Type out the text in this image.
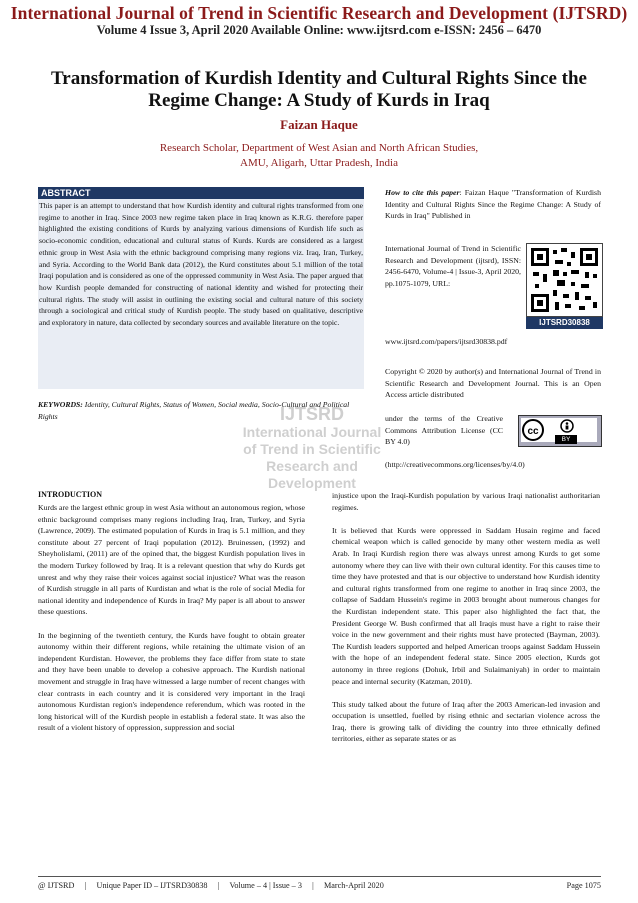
International Journal of Trend in Scientific Research and Development (IJTSRD)
Volume 4 Issue 3, April 2020 Available Online: www.ijtsrd.com e-ISSN: 2456 – 6470
Transformation of Kurdish Identity and Cultural Rights Since the Regime Change: A Study of Kurds in Iraq
Faizan Haque
Research Scholar, Department of West Asian and North African Studies,
AMU, Aligarh, Uttar Pradesh, India
ABSTRACT
This paper is an attempt to understand that how Kurdish identity and cultural rights transformed from one regime to another in Iraq. Since 2003 new regime taken place in Iraq known as K.R.G. therefore paper highlighted the existing conditions of Kurds by analyzing various dimensions of Kurdish life such as socio-economic condition, educational and cultural status of Kurds. Kurds are considered as a largest ethnic group in West Asia with the ethnic background comprising many regions viz. Iraq, Iran, Turkey, and Syria. According to the World Bank data (2012), the Kurd constitutes about 5.1 million of the total Iraqi population and is considered as one of the oppressed community in West Asia. The paper argued that how Kurdish people demanded for constructing of national identity and wished for protecting their cultural rights. The study will assist in outlining the existing social and cultural nature of this society through a sociological and critical study of Kurdish people. The study based on qualitative, descriptive and exploratory in nature, data collected by secondary sources and available literature on the topic.
KEYWORDS: Identity, Cultural Rights, Status of Women, Social media, Socio-Cultural and Political Rights
How to cite this paper: Faizan Haque "Transformation of Kurdish Identity and Cultural Rights Since the Regime Change: A Study of Kurds in Iraq" Published in
International Journal of Trend in Scientific Research and Development (ijtsrd), ISSN: 2456-6470, Volume-4 | Issue-3, April 2020, pp.1075-1079, URL:
www.ijtsrd.com/papers/ijtsrd30838.pdf
IJTSRD30838
Copyright © 2020 by author(s) and International Journal of Trend in Scientific Research and Development Journal. This is an Open Access article distributed
under the terms of the Creative Commons Attribution License (CC BY 4.0)
(http://creativecommons.org/licenses/by/4.0)
cc
BY
IJTSRD
International Journal
of Trend in Scientific
Research and
Development
INTRODUCTION

Kurds are the largest ethnic group in west Asia without an autonomous region, whose ethnic background comprises many regions including Iraq, Iran, Turkey, and Syria (Lawrence, 2009). The estimated population of Kurds in Iraq is 5.1 million, and they constitute about 27 percent of Iraqi population (2012). Bruinessen, (1992) and Sheyholislami, (2011) are of the opined that, the biggest Kurdish population lives in the modern Turkey followed by Iraq. It is a relevant question that why do Kurds get unrest and why they raise their voices against social injustice? What was the reason of Kurdish struggle in all parts of Kurdistan and what is the role of social Media for national identity and independence of Kurds in Iraq? My paper is all about to answer these questions.

In the beginning of the twentieth century, the Kurds have fought to obtain greater autonomy within their different regions, while retaining the ultimate vision of an independent Kurdistan. However, the problems they face differ from state to state and they have been unable to develop a cohesive approach. The Kurdish national movement and struggle in Iraq have witnessed a large number of recent changes with clear contrasts in each country and it is considered very important in the Iraqi autonomous Kurdistan region's independence referendum, which was rooted in the long historical will of the Kurdish people in establish a federal state. It was also the result of a violent history of oppression, suppression and social

injustice upon the Iraqi-Kurdish population by various Iraqi nationalist authoritarian regimes.

It is believed that Kurds were oppressed in Saddam Husain regime and faced chemical weapon which is called genocide by many other western media as well Arab. In Iraqi Kurdish region there was always unrest among Kurds to get some autonomy where they can live with their own cultural identity. For this causes time to time they have protested and that is our objective to understand how Kurdish identity and cultural rights transformed from one regime to another in Iraq since 2003, the collapse of Saddam Hussein's regime in 2003 brought about numerous changes for the Kurdistan independent state. This paper also highlighted the fact that, the President George W. Bush confirmed that all Iraqis must have a right to raise their voice in the new government and their rights must have protected (Bayman, 2003). The Kurdish leaders supported and helped American troops against Saddam Hussein with the hope of an independent federal state. Since 2005 election, Kurds got autonomy in three regions (Dohuk, Irbil and Sulaimaniyah) in order to maintain peace and internal security (Katzman, 2010).

This study talked about the future of Iraq after the 2003 American-led invasion and occupation is unsettled, fuelled by rising ethnic and sectarian violence across the Iraq, there is growing talk of dividing the country into three ethnically defined territories, either as separate states or as

@ IJTSRD     |     Unique Paper ID – IJTSRD30838     |     Volume – 4 | Issue – 3     |     March-April 2020	Page 1075
